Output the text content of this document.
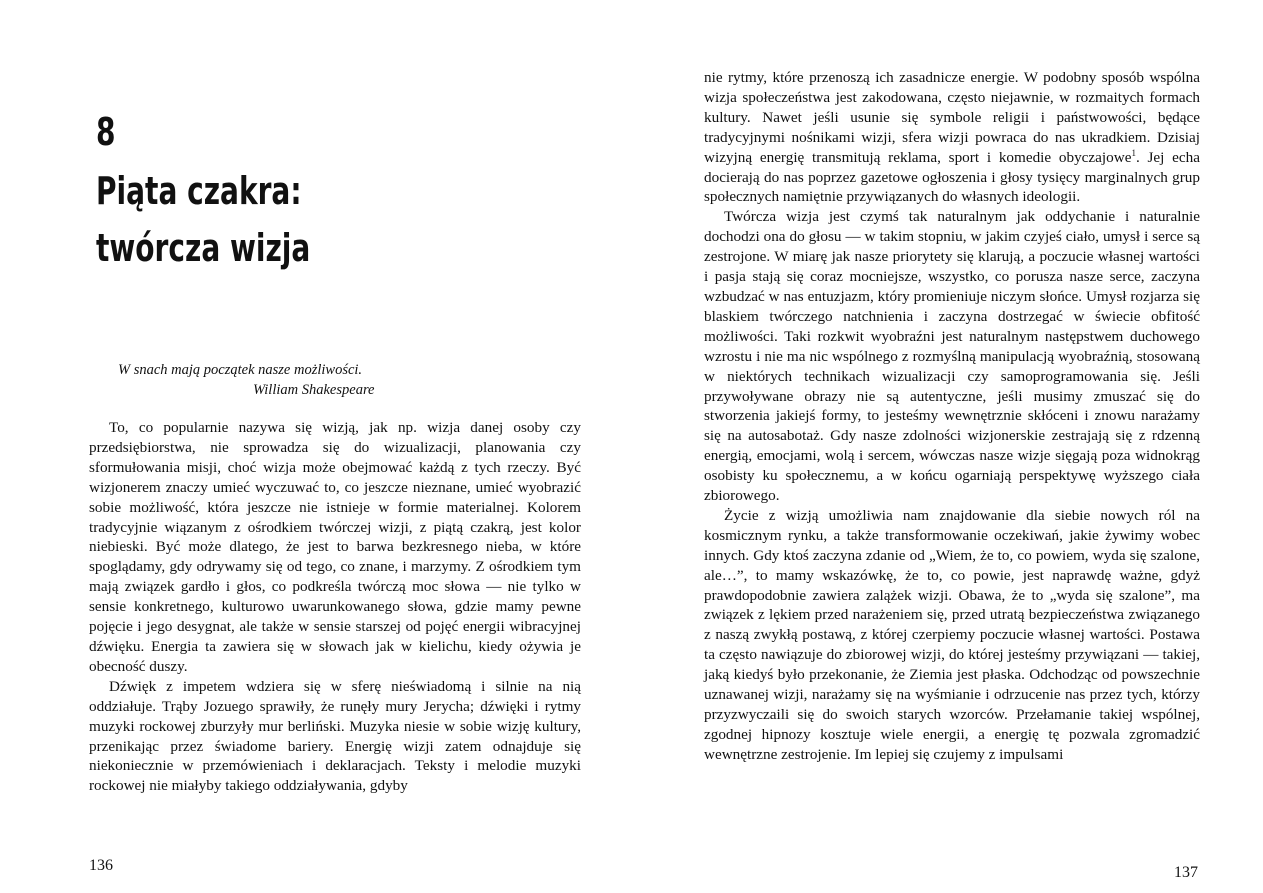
8
Piąta czakra:
twórcza wizja
W snach mają początek nasze możliwości.
William Shakespeare

To, co popularnie nazywa się wizją, jak np. wizja danej osoby czy przedsiębiorstwa, nie sprowadza się do wizualizacji, planowania czy sformułowania misji, choć wizja może obejmować każdą z tych rzeczy. Być wizjonerem znaczy umieć wyczuwać to, co jeszcze nieznane, umieć wyobrazić sobie możliwość, która jeszcze nie istnieje w formie materialnej. Kolorem tradycyjnie wiązanym z ośrodkiem twórczej wizji, z piątą czakrą, jest kolor niebieski. Być może dlatego, że jest to barwa bezkresnego nieba, w które spoglądamy, gdy odrywamy się od tego, co znane, i marzymy. Z ośrodkiem tym mają związek gardło i głos, co podkreśla twórczą moc słowa — nie tylko w sensie konkretnego, kulturowo uwarunkowanego słowa, gdzie mamy pewne pojęcie i jego desygnat, ale także w sensie starszej od pojęć energii wibracyjnej dźwięku. Energia ta zawiera się w słowach jak w kielichu, kiedy ożywia je obecność duszy.

Dźwięk z impetem wdziera się w sferę nieświadomą i silnie na nią oddziałuje. Trąby Jozuego sprawiły, że runęły mury Jerycha; dźwięki i rytmy muzyki rockowej zburzyły mur berliński. Muzyka niesie w sobie wizję kultury, przenikając przez świadome bariery. Energię wizji zatem odnajduje się niekoniecznie w przemówieniach i deklaracjach. Teksty i melodie muzyki rockowej nie miałyby takiego oddziaływania, gdyby

136

nie rytmy, które przenoszą ich zasadnicze energie. W podobny sposób wspólna wizja społeczeństwa jest zakodowana, często niejawnie, w rozmaitych formach kultury. Nawet jeśli usunie się symbole religii i państwowości, będące tradycyjnymi nośnikami wizji, sfera wizji powraca do nas ukradkiem. Dzisiaj wizyjną energię transmitują reklama, sport i komedie obyczajowe$^1$. Jej echa docierają do nas poprzez gazetowe ogłoszenia i głosy tysięcy marginalnych grup społecznych namiętnie przywiązanych do własnych ideologii.

Twórcza wizja jest czymś tak naturalnym jak oddychanie i naturalnie dochodzi ona do głosu — w takim stopniu, w jakim czyjeś ciało, umysł i serce są zestrojone. W miarę jak nasze priorytety się klarują, a poczucie własnej wartości i pasja stają się coraz mocniejsze, wszystko, co porusza nasze serce, zaczyna wzbudzać w nas entuzjazm, który promieniuje niczym słońce. Umysł rozjarza się blaskiem twórczego natchnienia i zaczyna dostrzegać w świecie obfitość możliwości. Taki rozkwit wyobraźni jest naturalnym następstwem duchowego wzrostu i nie ma nic wspólnego z rozmyślną manipulacją wyobraźnią, stosowaną w niektórych technikach wizualizacji czy samoprogramowania się. Jeśli przywoływane obrazy nie są autentyczne, jeśli musimy zmuszać się do stworzenia jakiejś formy, to jesteśmy wewnętrznie skłóceni i znowu narażamy się na autosabotaż. Gdy nasze zdolności wizjonerskie zestrajają się z rdzenną energią, emocjami, wolą i sercem, wówczas nasze wizje sięgają poza widnokrąg osobisty ku społecznemu, a w końcu ogarniają perspektywę wyższego ciała zbiorowego.

Życie z wizją umożliwia nam znajdowanie dla siebie nowych ról na kosmicznym rynku, a także transformowanie oczekiwań, jakie żywimy wobec innych. Gdy ktoś zaczyna zdanie od „Wiem, że to, co powiem, wyda się szalone, ale…”, to mamy wskazówkę, że to, co powie, jest naprawdę ważne, gdyż prawdopodobnie zawiera zalążek wizji. Obawa, że to „wyda się szalone”, ma związek z lękiem przed narażeniem się, przed utratą bezpieczeństwa związanego z naszą zwykłą postawą, z której czerpiemy poczucie własnej wartości. Postawa ta często nawiązuje do zbiorowej wizji, do której jesteśmy przywiązani — takiej, jaką kiedyś było przekonanie, że Ziemia jest płaska. Odchodząc od powszechnie uznawanej wizji, narażamy się na wyśmianie i odrzucenie nas przez tych, którzy przyzwyczaili się do swoich starych wzorców. Przełamanie takiej wspólnej, zgodnej hipnozy kosztuje wiele energii, a energię tę pozwala zgromadzić wewnętrzne zestrojenie. Im lepiej się czujemy z impulsami

137
